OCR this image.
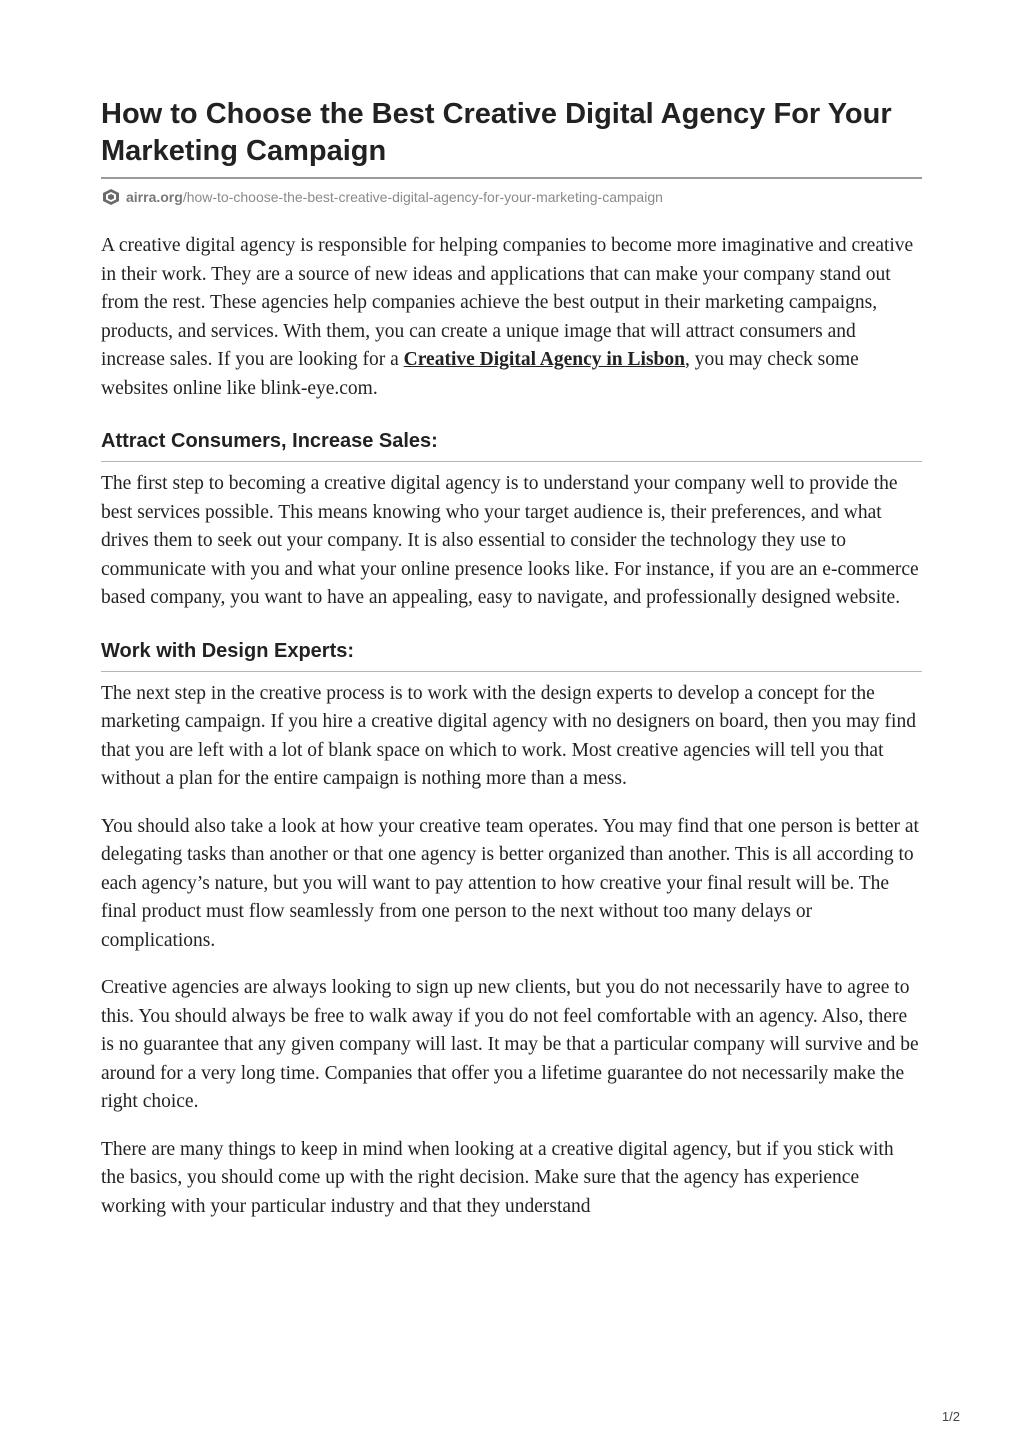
How to Choose the Best Creative Digital Agency For Your Marketing Campaign
airra.org /how-to-choose-the-best-creative-digital-agency-for-your-marketing-campaign

A creative digital agency is responsible for helping companies to become more imaginative and creative in their work. They are a source of new ideas and applications that can make your company stand out from the rest. These agencies help companies achieve the best output in their marketing campaigns, products, and services. With them, you can create a unique image that will attract consumers and increase sales. If you are looking for a Creative Digital Agency in Lisbon, you may check some websites online like blink-eye.com.

Attract Consumers, Increase Sales:

The first step to becoming a creative digital agency is to understand your company well to provide the best services possible. This means knowing who your target audience is, their preferences, and what drives them to seek out your company. It is also essential to consider the technology they use to communicate with you and what your online presence looks like. For instance, if you are an e-commerce based company, you want to have an appealing, easy to navigate, and professionally designed website.

Work with Design Experts:

The next step in the creative process is to work with the design experts to develop a concept for the marketing campaign. If you hire a creative digital agency with no designers on board, then you may find that you are left with a lot of blank space on which to work. Most creative agencies will tell you that without a plan for the entire campaign is nothing more than a mess.

You should also take a look at how your creative team operates. You may find that one person is better at delegating tasks than another or that one agency is better organized than another. This is all according to each agency’s nature, but you will want to pay attention to how creative your final result will be. The final product must flow seamlessly from one person to the next without too many delays or complications.

Creative agencies are always looking to sign up new clients, but you do not necessarily have to agree to this. You should always be free to walk away if you do not feel comfortable with an agency. Also, there is no guarantee that any given company will last. It may be that a particular company will survive and be around for a very long time. Companies that offer you a lifetime guarantee do not necessarily make the right choice.

There are many things to keep in mind when looking at a creative digital agency, but if you stick with the basics, you should come up with the right decision. Make sure that the agency has experience working with your particular industry and that they understand

1/2
